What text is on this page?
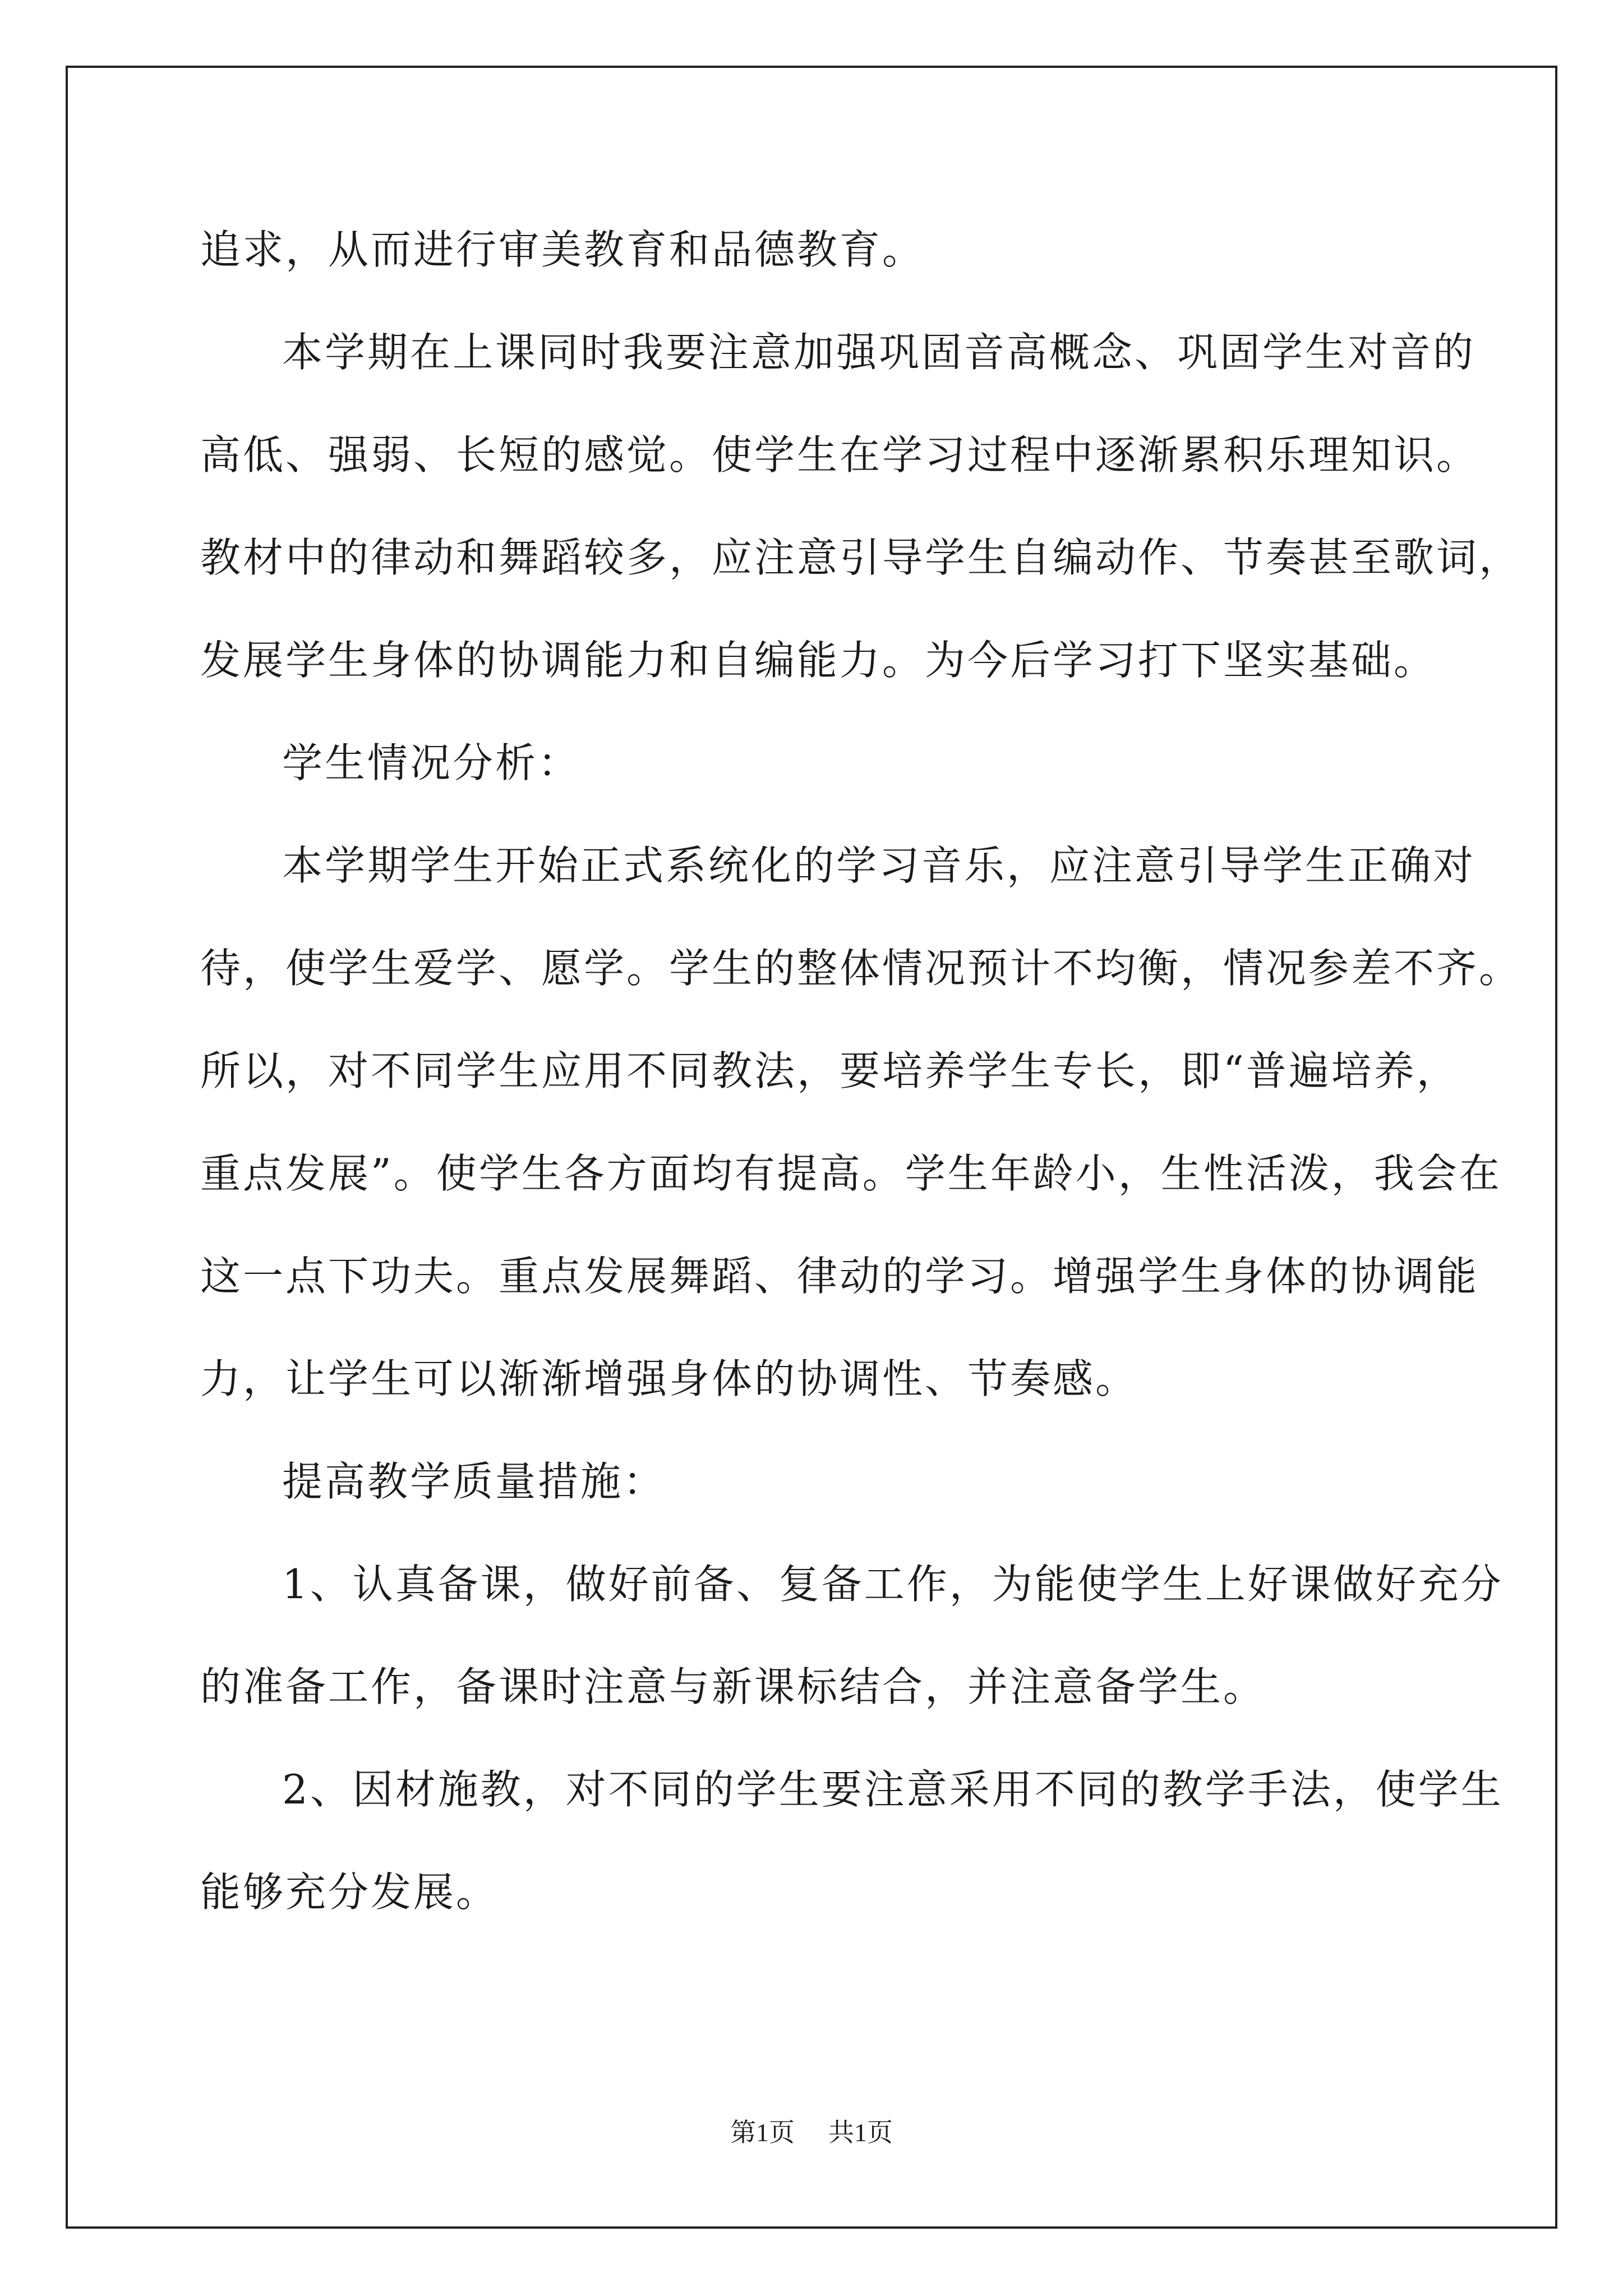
追求，从而进行审美教育和品德教育。
本学期在上课同时我要注意加强巩固音高概念、巩固学生对音的
高低、强弱、长短的感觉。使学生在学习过程中逐渐累积乐理知识。
教材中的律动和舞蹈较多，应注意引导学生自编动作、节奏甚至歌词，
发展学生身体的协调能力和自编能力。为今后学习打下坚实基础。
学生情况分析：
本学期学生开始正式系统化的学习音乐，应注意引导学生正确对
待，使学生爱学、愿学。学生的整体情况预计不均衡，情况参差不齐。
所以，对不同学生应用不同教法，要培养学生专长，即“普遍培养，
重点发展”。使学生各方面均有提高。学生年龄小，生性活泼，我会在
这一点下功夫。重点发展舞蹈、律动的学习。增强学生身体的协调能
力，让学生可以渐渐增强身体的协调性、节奏感。
提高教学质量措施：
1、认真备课，做好前备、复备工作，为能使学生上好课做好充分
的准备工作，备课时注意与新课标结合，并注意备学生。
2、因材施教，对不同的学生要注意采用不同的教学手法，使学生
能够充分发展。
第1页 共1页
